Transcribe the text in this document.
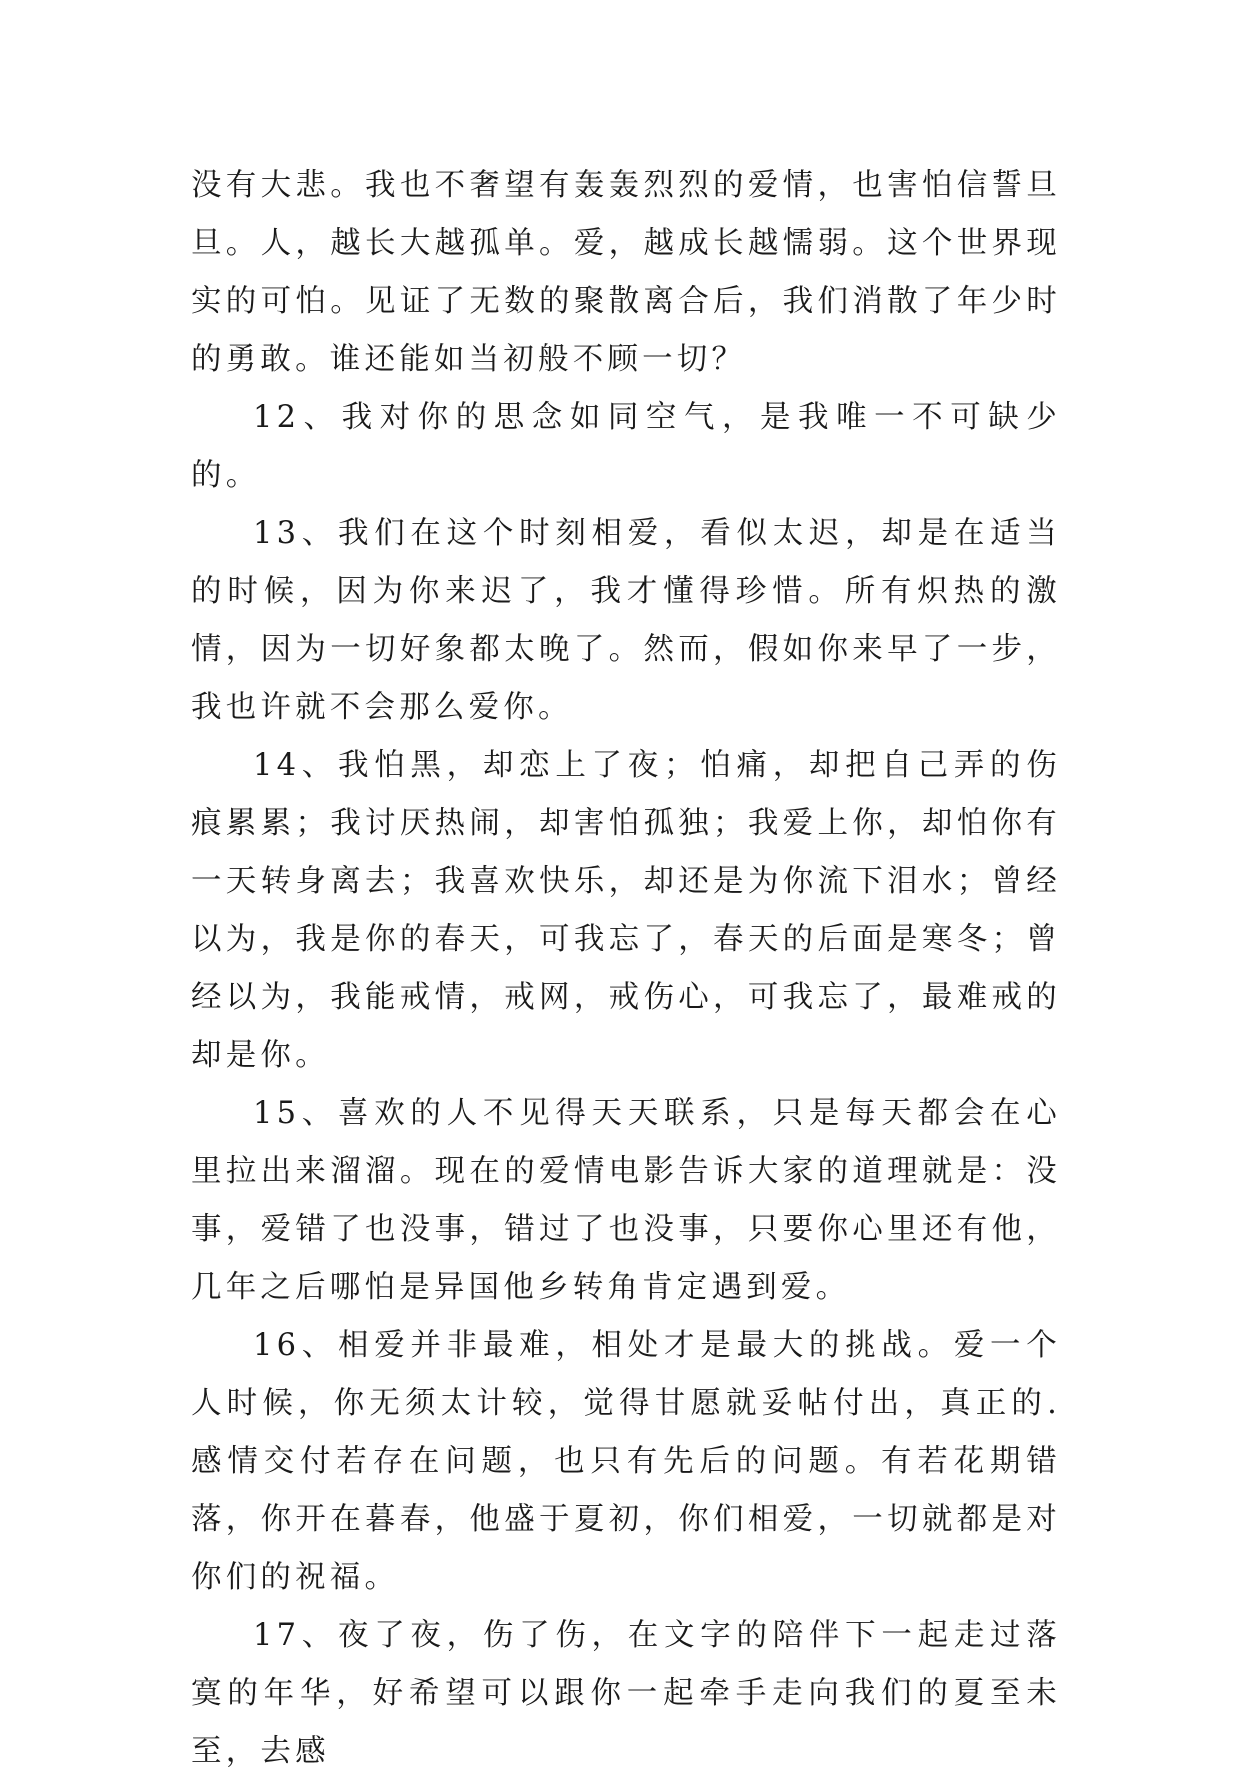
没有大悲。我也不奢望有轰轰烈烈的爱情，也害怕信誓旦旦。人，越长大越孤单。爱，越成长越懦弱。这个世界现实的可怕。见证了无数的聚散离合后，我们消散了年少时的勇敢。谁还能如当初般不顾一切？

12、我对你的思念如同空气，是我唯一不可缺少的。

13、我们在这个时刻相爱，看似太迟，却是在适当的时候，因为你来迟了，我才懂得珍惜。所有炽热的激情，因为一切好象都太晚了。然而，假如你来早了一步，我也许就不会那么爱你。

14、我怕黑，却恋上了夜；怕痛，却把自己弄的伤痕累累；我讨厌热闹，却害怕孤独；我爱上你，却怕你有一天转身离去；我喜欢快乐，却还是为你流下泪水；曾经以为，我是你的春天，可我忘了，春天的后面是寒冬；曾经以为，我能戒情，戒网，戒伤心，可我忘了，最难戒的却是你。

15、喜欢的人不见得天天联系，只是每天都会在心里拉出来溜溜。现在的爱情电影告诉大家的道理就是：没事，爱错了也没事，错过了也没事，只要你心里还有他，几年之后哪怕是异国他乡转角肯定遇到爱。

16、相爱并非最难，相处才是最大的挑战。爱一个人时候，你无须太计较，觉得甘愿就妥帖付出，真正的.感情交付若存在问题，也只有先后的问题。有若花期错落，你开在暮春，他盛于夏初，你们相爱，一切就都是对你们的祝福。

17、夜了夜，伤了伤，在文字的陪伴下一起走过落寞的年华，好希望可以跟你一起牵手走向我们的夏至未至，去感
